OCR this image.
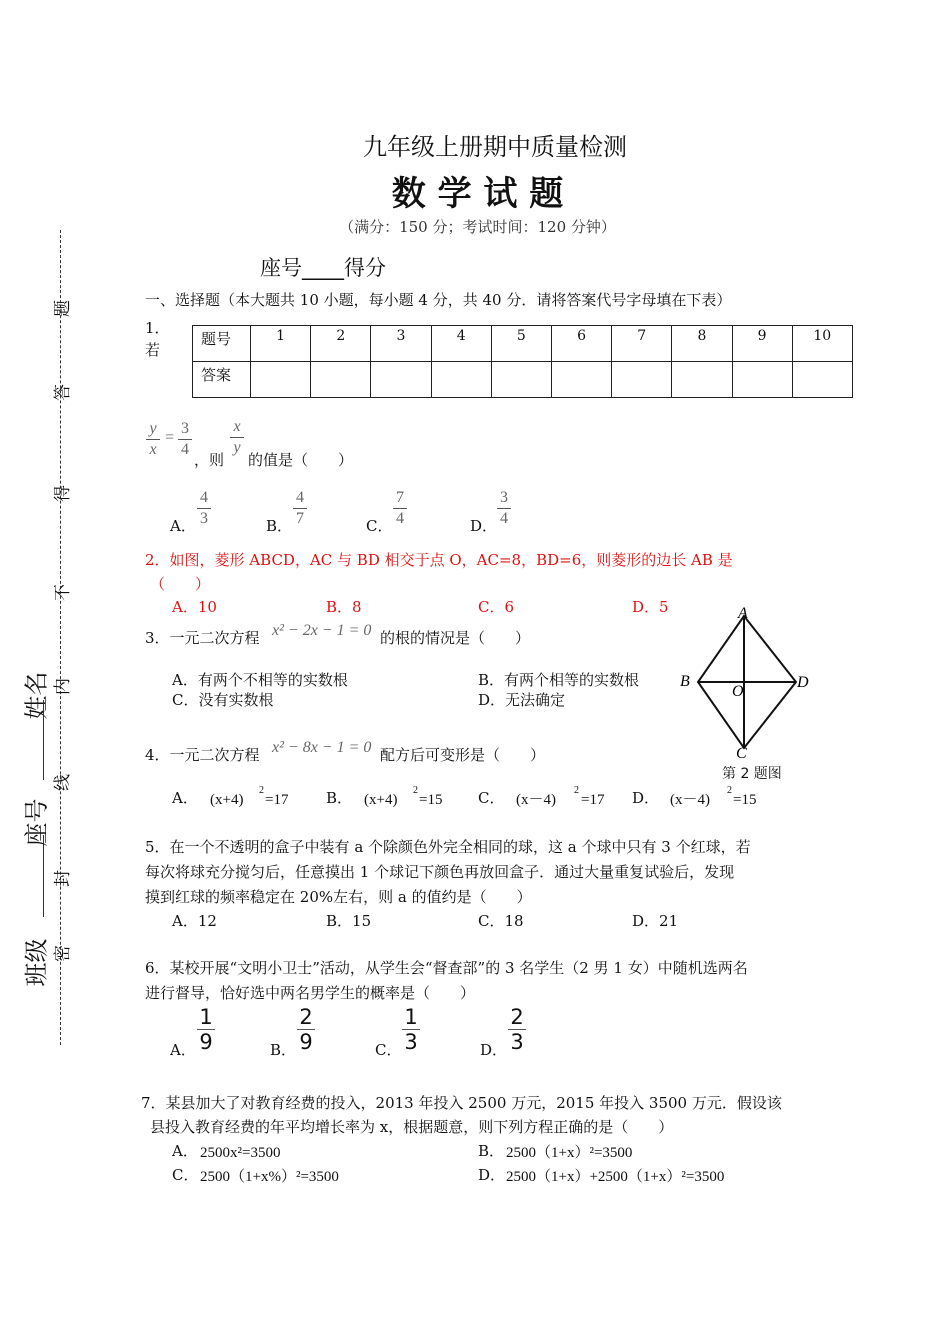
题
答
得
不
内
线
封
密
姓名
座号
班级
九年级上册期中质量检测
数 学 试 题
（满分：150 分；考试时间：120 分钟）
座号____得分
一、选择题（本大题共 10 小题，每小题 4 分，共 40 分．请将答案代号字母填在下表）
1．
若
题号	1	2	3	4	5	6	7	8	9	10
答案										
y
x
=
3
4
，则
x
y
的值是（　　）
A．
4
3	B．
4
7	C．
7
4	D．
3
4
2．如图，菱形 ABCD，AC 与 BD 相交于点 O，AC=8，BD=6，则菱形的边长 AB 是
（　　）
A．10	B．8	C．6	D．5	A
B
C
D
O
第 2 题图
3．一元二次方程 x² − 2x − 1 = 0 的根的情况是（　　）
A．有两个不相等的实数根	B．有两个相等的实数根
C．没有实数根	D．无法确定
4．一元二次方程 x² − 8x − 1 = 0 配方后可变形是（　　）
A． (x+4)
2
=17	B． (x+4)
2
=15 C． (x－4)
2
=17 D． (x－4)
2
=15
5．在一个不透明的盒子中装有 a 个除颜色外完全相同的球，这 a 个球中只有 3 个红球，若
每次将球充分搅匀后，任意摸出 1 个球记下颜色再放回盒子．通过大量重复试验后，发现
摸到红球的频率稳定在 20%左右，则 a 的值约是（　　）
A．12	B．15	C．18	D．21
6．某校开展“文明小卫士”活动，从学生会“督查部”的 3 名学生（2 男 1 女）中随机选两名
进行督导，恰好选中两名男学生的概率是（　　）
A．
1
9	B．
2
9	C．
1
3	D．
2
3
7．某县加大了对教育经费的投入，2013 年投入 2500 万元，2015 年投入 3500 万元．假设该
县投入教育经费的年平均增长率为 x，根据题意，则下列方程正确的是（　　）
A． 2500x²=3500	B． 2500（1+x）²=3500
C． 2500（1+x%）²=3500	D． 2500（1+x）+2500（1+x）²=3500
